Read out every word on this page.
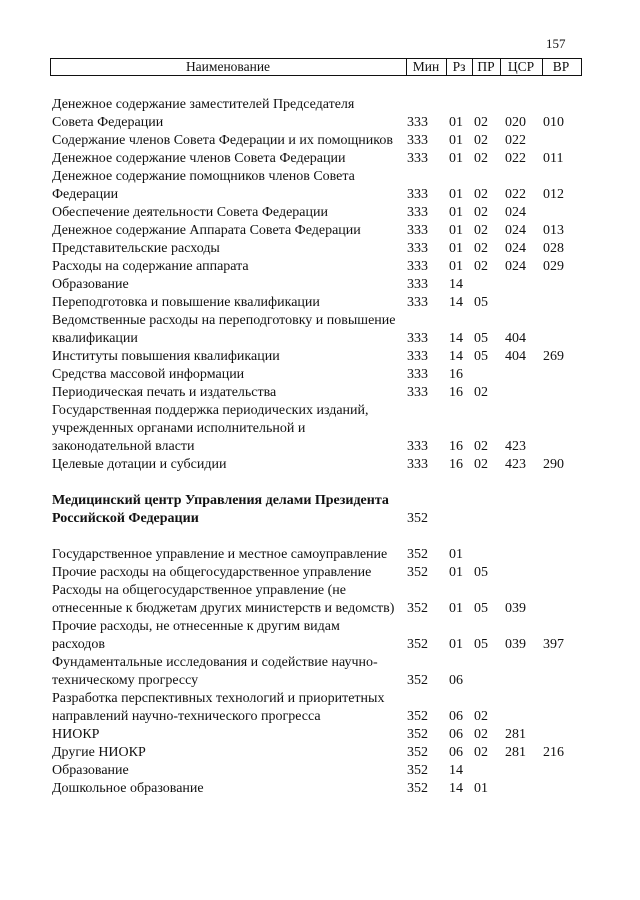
157
Наименование	Мин Рз ПР ЦСР	ВР
Денежное содержание заместителей Председателя Совета Федерации	333 01 02 020 010
Содержание членов Совета Федерации и их помощников 333 01 02 022
Денежное содержание членов Совета Федерации	333 01 02 022 011
Денежное содержание помощников членов Совета Федерации	333 01 02 022 012
Обеспечение деятельности Совета Федерации	333 01 02 024
Денежное содержание Аппарата Совета Федерации	333 01 02 024 013
Представительские расходы	333 01 02 024 028
Расходы на содержание аппарата	333 01 02 024 029
Образование	333 14
Переподготовка и повышение квалификации	333 14 05
Ведомственные расходы на переподготовку и повышение квалификации	333 14 05 404
Институты повышения квалификации	333 14 05 404 269
Средства массовой информации	333 16
Периодическая печать и издательства	333 16 02
Государственная поддержка периодических изданий, учрежденных органами исполнительной и законодательной власти	333 16 02 423
Целевые дотации и субсидии	333 16 02 423 290
Медицинский центр Управления делами Президента Российской Федерации	352
Государственное управление и местное самоуправление	352 01
Прочие расходы на общегосударственное управление	352 01 05
Расходы на общегосударственное управление (не отнесенные к бюджетам других министерств и ведомств) 352 01 05 039
Прочие расходы, не отнесенные к другим видам расходов	352 01 05 039 397
Фундаментальные исследования и содействие научно-техническому прогрессу	352 06
Разработка перспективных технологий и приоритетных направлений научно-технического прогресса	352 06 02
НИОКР	352 06 02 281
Другие НИОКР	352 06 02 281 216
Образование	352 14
Дошкольное образование	352 14 01
